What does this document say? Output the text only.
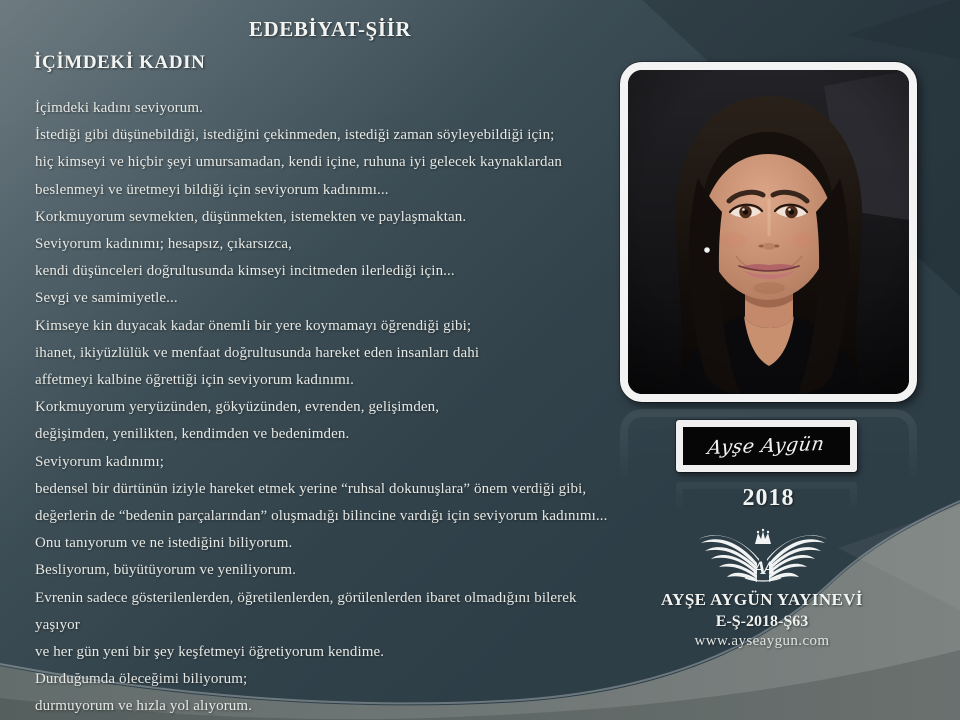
EDEBİYAT-ŞİİR
İÇİMDEKİ KADIN
İçimdeki kadını seviyorum.
İstediği gibi düşünebildiği, istediğini çekinmeden, istediği zaman söyleyebildiği için;
hiç kimseyi ve hiçbir şeyi umursamadan, kendi içine, ruhuna iyi gelecek kaynaklardan
beslenmeyi ve üretmeyi bildiği için seviyorum kadınımı...
Korkmuyorum sevmekten, düşünmekten, istemekten ve paylaşmaktan.
Seviyorum kadınımı; hesapsız, çıkarsızca,
kendi düşünceleri doğrultusunda kimseyi incitmeden ilerlediği için...
Sevgi ve samimiyetle...
Kimseye kin duyacak kadar önemli bir yere koymamayı öğrendiği gibi;
ihanet, ikiyüzlülük ve menfaat doğrultusunda hareket eden insanları dahi
affetmeyi kalbine öğrettiği için seviyorum kadınımı.
Korkmuyorum yeryüzünden, gökyüzünden, evrenden, gelişimden,
değişimden, yenilikten, kendimden ve bedenimden.
Seviyorum kadınımı;
bedensel bir dürtünün iziyle hareket etmek yerine “ruhsal dokunuşlara” önem verdiği gibi,
değerlerin de “bedenin parçalarından” oluşmadığı bilincine vardığı için seviyorum kadınımı...
Onu tanıyorum ve ne istediğini biliyorum.
Besliyorum, büyütüyorum ve yeniliyorum.
Evrenin sadece gösterilenlerden, öğretilenlerden, görülenlerden ibaret olmadığını bilerek
yaşıyor
ve her gün yeni bir şey keşfetmeyi öğretiyorum kendime.
Durduğumda öleceğimi biliyorum;
durmuyorum ve hızla yol alıyorum.
Ayşe Aygün
2018
AA
AYŞE AYGÜN YAYINEVİ
E-Ş-2018-Ş63
www.ayseaygun.com
